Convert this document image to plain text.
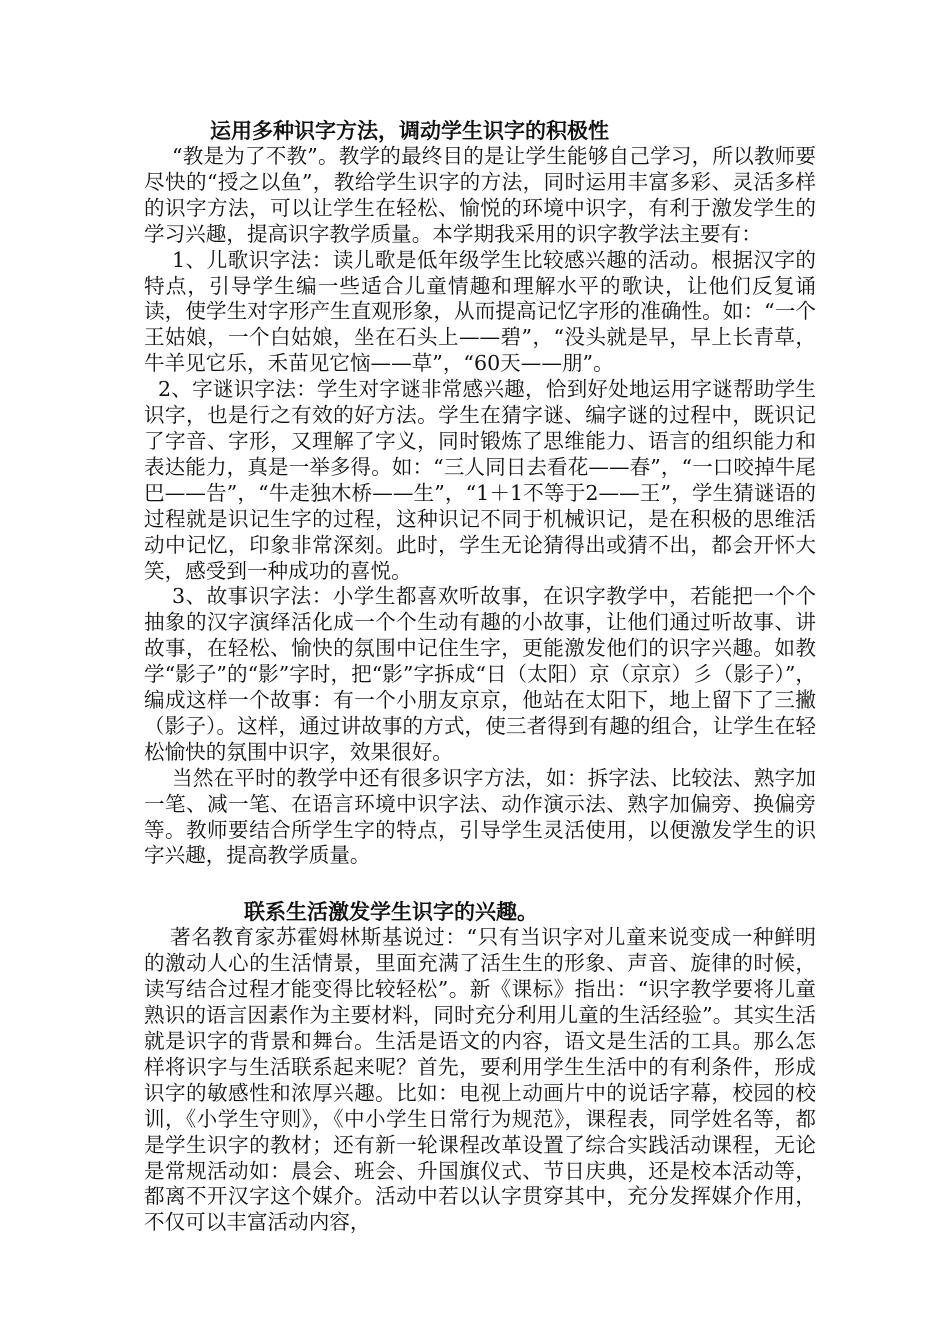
运用多种识字方法，调动学生识字的积极性

“教是为了不教”。教学的最终目的是让学生能够自己学习，所以教师要尽快的“授之以鱼”，教给学生识字的方法，同时运用丰富多彩、灵活多样的识字方法，可以让学生在轻松、愉悦的环境中识字，有利于激发学生的学习兴趣，提高识字教学质量。本学期我采用的识字教学法主要有：

1、儿歌识字法：读儿歌是低年级学生比较感兴趣的活动。根据汉字的特点，引导学生编一些适合儿童情趣和理解水平的歌诀，让他们反复诵读，使学生对字形产生直观形象，从而提高记忆字形的准确性。如：“一个王姑娘，一个白姑娘，坐在石头上——碧”，“没头就是早，早上长青草，牛羊见它乐，禾苗见它恼——草”，“60天——朋”。

2、字谜识字法：学生对字谜非常感兴趣，恰到好处地运用字谜帮助学生识字，也是行之有效的好方法。学生在猜字谜、编字谜的过程中，既识记了字音、字形，又理解了字义，同时锻炼了思维能力、语言的组织能力和表达能力，真是一举多得。如：“三人同日去看花——春”，“一口咬掉牛尾巴——告”，“牛走独木桥——生”，“1＋1不等于2——王”，学生猜谜语的过程就是识记生字的过程，这种识记不同于机械识记，是在积极的思维活动中记忆，印象非常深刻。此时，学生无论猜得出或猜不出，都会开怀大笑，感受到一种成功的喜悦。

3、故事识字法：小学生都喜欢听故事，在识字教学中，若能把一个个抽象的汉字演绎活化成一个个生动有趣的小故事，让他们通过听故事、讲故事，在轻松、愉快的氛围中记住生字，更能激发他们的识字兴趣。如教学“影子”的“影”字时，把“影”字拆成“日（太阳）京（京京）彡（影子）”，编成这样一个故事：有一个小朋友京京，他站在太阳下，地上留下了三撇（影子）。这样，通过讲故事的方式，使三者得到有趣的组合，让学生在轻松愉快的氛围中识字，效果很好。

当然在平时的教学中还有很多识字方法，如：拆字法、比较法、熟字加一笔、减一笔、在语言环境中识字法、动作演示法、熟字加偏旁、换偏旁等。教师要结合所学生字的特点，引导学生灵活使用，以便激发学生的识字兴趣，提高教学质量。

联系生活激发学生识字的兴趣。

著名教育家苏霍姆林斯基说过：“只有当识字对儿童来说变成一种鲜明的激动人心的生活情景，里面充满了活生生的形象、声音、旋律的时候，读写结合过程才能变得比较轻松”。新《课标》指出：“识字教学要将儿童熟识的语言因素作为主要材料，同时充分利用儿童的生活经验”。其实生活就是识字的背景和舞台。生活是语文的内容，语文是生活的工具。那么怎样将识字与生活联系起来呢？首先，要利用学生生活中的有利条件，形成识字的敏感性和浓厚兴趣。比如：电视上动画片中的说话字幕，校园的校训，《小学生守则》，《中小学生日常行为规范》，课程表，同学姓名等，都是学生识字的教材；还有新一轮课程改革设置了综合实践活动课程，无论是常规活动如：晨会、班会、升国旗仪式、节日庆典，还是校本活动等，都离不开汉字这个媒介。活动中若以认字贯穿其中，充分发挥媒介作用，不仅可以丰富活动内容，
